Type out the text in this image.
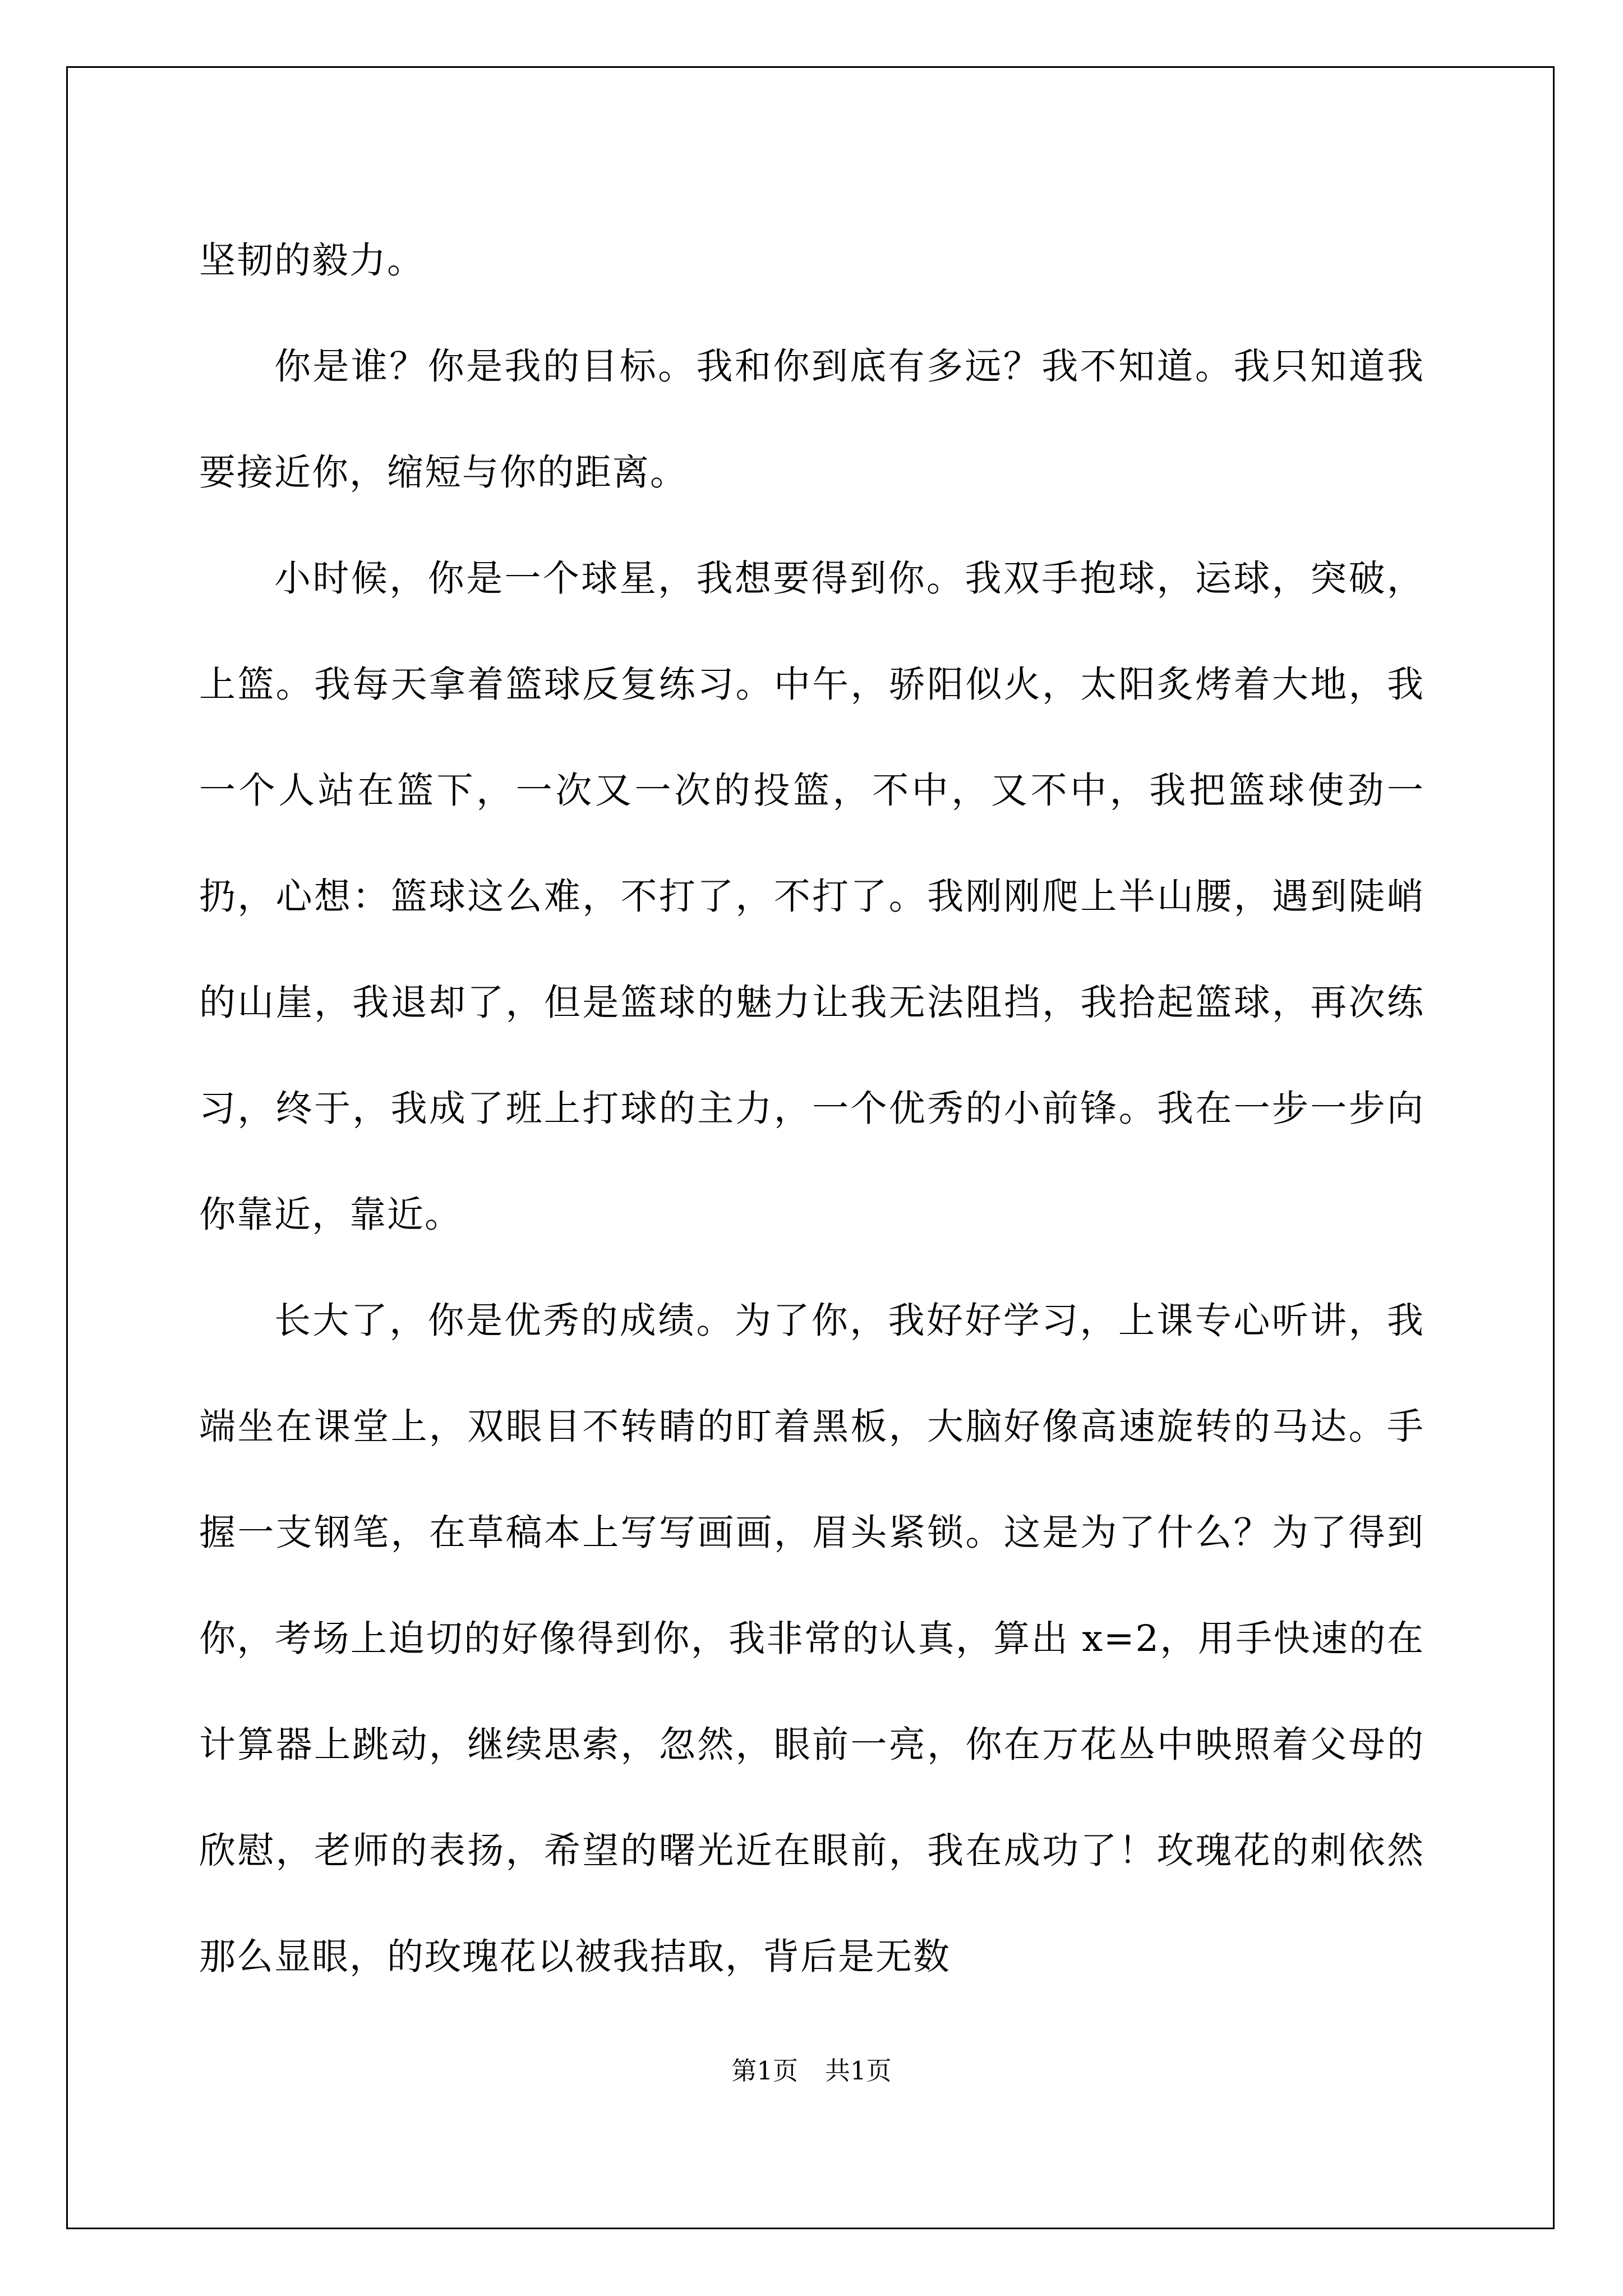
坚韧的毅力。

你是谁？你是我的目标。我和你到底有多远？我不知道。我只知道我要接近你，缩短与你的距离。

小时候，你是一个球星，我想要得到你。我双手抱球，运球，突破，上篮。我每天拿着篮球反复练习。中午，骄阳似火，太阳炙烤着大地，我一个人站在篮下，一次又一次的投篮，不中，又不中，我把篮球使劲一扔，心想：篮球这么难，不打了，不打了。我刚刚爬上半山腰，遇到陡峭的山崖，我退却了，但是篮球的魅力让我无法阻挡，我拾起篮球，再次练习，终于，我成了班上打球的主力，一个优秀的小前锋。我在一步一步向你靠近，靠近。

长大了，你是优秀的成绩。为了你，我好好学习，上课专心听讲，我端坐在课堂上，双眼目不转睛的盯着黑板，大脑好像高速旋转的马达。手握一支钢笔，在草稿本上写写画画，眉头紧锁。这是为了什么？为了得到你，考场上迫切的好像得到你，我非常的认真，算出 x=2，用手快速的在计算器上跳动，继续思索，忽然，眼前一亮，你在万花丛中映照着父母的欣慰，老师的表扬，希望的曙光近在眼前，我在成功了！玫瑰花的刺依然那么显眼，的玫瑰花以被我拮取，背后是无数

第1页 共1页
